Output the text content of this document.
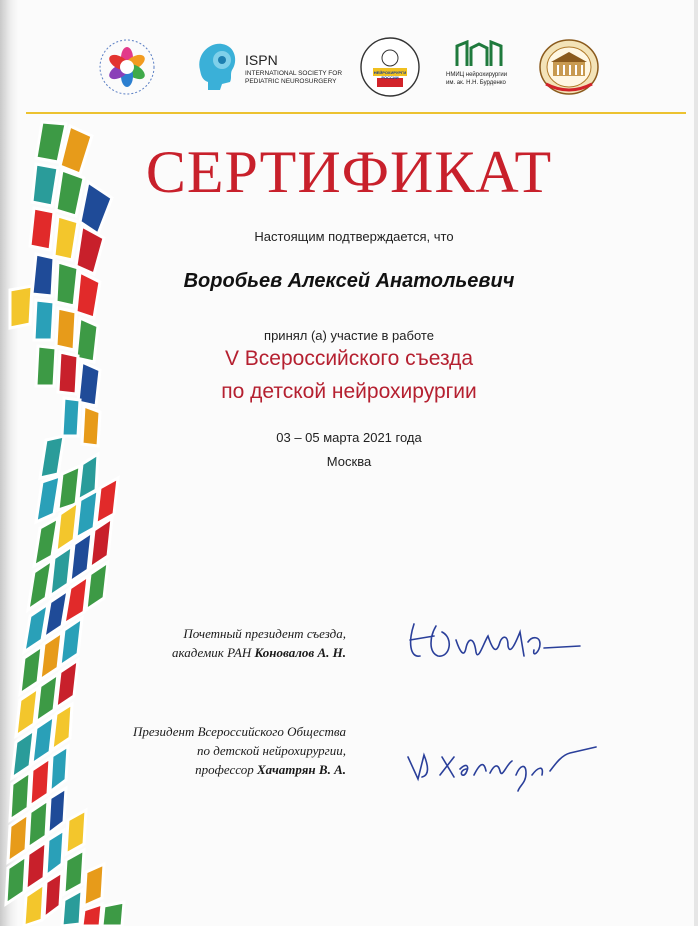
ISPN
INTERNATIONAL SOCIETY FOR
PEDIATRIC NEUROSURGERY
НЕЙРОХИРУРГИ РОССИИ	НМИЦ нейрохирургии
им. ак. Н.Н. Бурденко
СЕРТИФИКАТ
Настоящим подтверждается, что
Воробьев Алексей Анатольевич
принял (а) участие в работе
V Всероссийского съезда
по детской нейрохирургии
03 – 05 марта 2021 года
Москва
Почетный президент съезда,
академик РАН Коновалов А. Н.
Президент Всероссийского Общества
по детской нейрохирургии,
профессор Хачатрян В. А.
